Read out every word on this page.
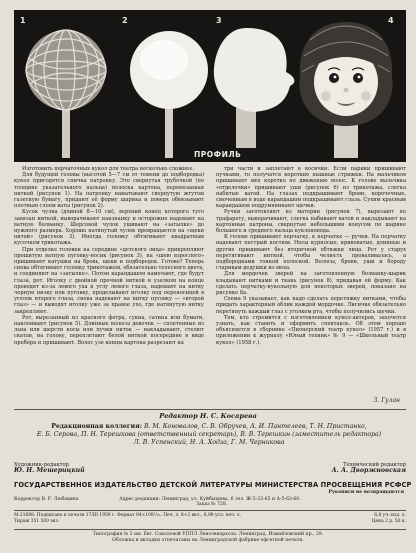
1	2	3	4
ПРОФИЛЬ

Изготовить перчаточных кукол для театра несколько сложнее.

Для будущей головы (высотой 5—7 см от темени до подбородка) кукол пригодятся спичка патронку. Это свернутая трубочкой (по толщине указательного пальца) полоска картона, перевязанная ниткой (рисунок 1). На патронку наматывают свернутую жгутом газетную бумагу, придают её форму шарика и поверх обвязывают плотным слоем ваты (рисунок 2).

Кусок чулка (длиной 8—10 см), верхний конец которого туго завязан ниткой, выворачивают наизнанку и осторожно надевают на ватную болванку. Шерсовой чулок ушивают на «затылке» до нужного размера. Хорошо натянутый чулок превращается на «щеки нитой» (рисунок 3). Иногда головку обтягивают квадратным кусочком трикотажа.

При отделке головки на середине «детского лица» прикрепляют прошитую ватную пуговку-носик (рисунок 3), на «шею взрослого» пришивают катушки на бровь, щеки и подбородок. Готово? Теперь снова обтягивают головку трикотажем, обязательно телесного цвета, и соединяют на «затылке». Потом карандашом намечают, где будут глаза, рот. Иголку с двойной прочной ниткой и узелком на конце проводят из-за левого уха к углу левого глаза, надевают на нитку черную низку или пуговку, проделывают иголку под переносицей в уголок второго глаза, снова надевают на нитку пуговку — «второй глаз» — и выводят иголку уже за правое ухо, где натянутую нитку закрепляют.

Рот, вырезанный из красного фетра, сукна, сатина или бумаги, наклеивают (рисунок 5). Длинные волосы девочек — сплетенные из льна или шерсти косы или пучки ниток — накладывают, стелют скатав, на голову, переплетают белой ниткой посередине в виде пробора и пришивают. Волос узе концы картона разрезают на

три части и заплетают в косички. Если парики пришивают пучками, то получатся короткие пышные стрижки. На мальчиков пришивают мех коротко по движению волос. К голове мальчика «отделочки» пришивают уши (рисунок 6) из трикотажа, слегка набитые ватой. На глазах подкрашивают брови, корочечные, смоченным в воде карандашом подкрашивают глаза. Сухим красным карандашом подрумянивают щечки.

Ручки заготовляют из материи (рисунок 7), вырезают по трафарету, выворачивают, слегка набивают ватой и накладывают на картонные патроны, свернутые небольшими конусом по шарике большого и среднего пальца куклоновода.

К голове пришивают перчатку, к перчатке — ручки. На перчатку надевают пестрый костюм. Носы курносые, кривоватые, длинные и другие пришивают без вторичной обтяжки лица. Рот у старух перетягивают ниткой, чтобы челюсть проваливалась, а подбородками тонкой полоской. Волосы, брови, уши и бороду старикам дедушки из меха.

Для мордочек зверей на заготовленную болванку-шарик кладывают нитками и ткань (рисунок 8), придавая ей форму. Как сделать перчатку-кукольную для некоторых зверей, показано на рисунке 8а.

Схема 9 указывает, как надо сделать перетяжку нитками, чтобы придать характерный облик каждой мордочке. Лисичке обязательно перетянуть каждый глаз с уголком рта, чтобы получились щечки.

Тем, кто стремится с изготовлением кукол-актеров, захочется узнать, как ставить и оформить спектакль. Об этом хорошо объясняется в сборнике «Пионерский театр кукол» (1957 г.) и в приложении к журналу «Юный техник» № 9 — «Школьный театр кукол» (1958 г.).

З. Гулан
Редактор Н. С. Косарева
Редакционная коллегия: В. М. Коновалов, С. В. Обручев, А. И. Пантелеев, Т. Н. Пристанко,
Е. Б. Серова, П. Н. Терешкова (ответственный секретарь), В. В. Терешкин (заместитель редактора)
Л. В. Успенский, Н. А. Ходза, Г. М. Черникова
Художник-редактор
Ю. Н. Мешерицкий
Технический редактор
А. А. Дворжновская
ГОСУДАРСТВЕННОЕ ИЗДАТЕЛЬСТВО ДЕТСКОЙ ЛИТЕРАТУРЫ МИНИСТЕРСТВА ПРОСВЕЩЕНИЯ РСФСР
Рукописи не возвращаются
Корректор В. Р. Любавина	Адрес редакции: Ленинград, ул. Куйбышева, 6 тел. Ж-5-23-65 и А-5-63-60.
Заказ № 728.
М-21698. Подписано к печати 17/III 1959 г. Формат 84×108¹/₁₆. Печ. л. 8+2 вкл., 6,98 усл. печ. л.	6,8 уч.-изд. л.

Тираж 351 500 экз.	Цена 2 р. 50 к.
Типография № 2 им. Евг. Соколовой УППЛ Ленсовнархоза. Ленинград, Измайловский пр., 29.
Обложка и вкладки отпечатаны на Ленинградской фабрике офсетной печати.
